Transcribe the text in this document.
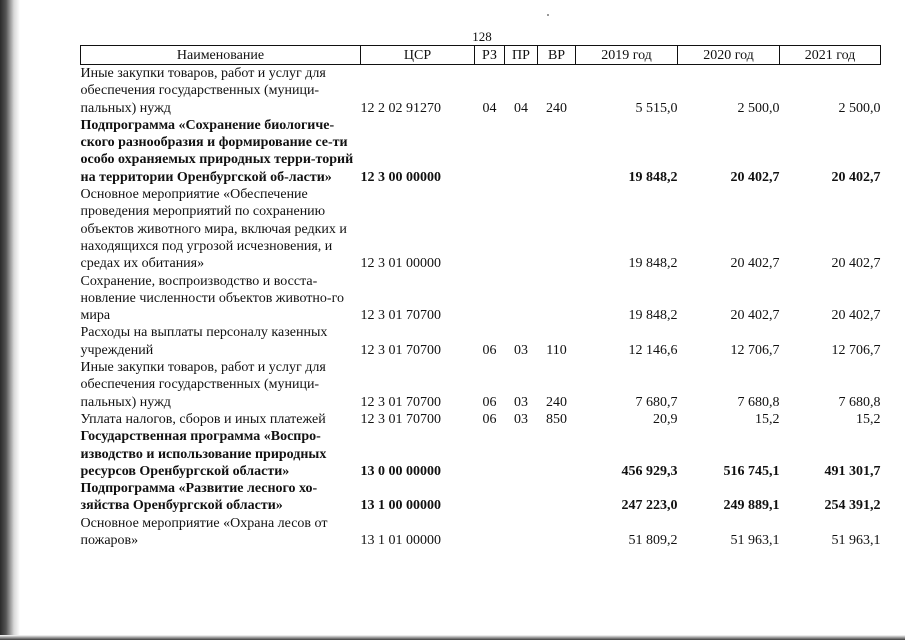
128
Наименование	ЦСР	РЗ	ПР	ВР	2019 год	2020 год	2021 год
Иные закупки товаров, работ и услуг для обеспечения государственных (муници-пальных) нужд	12 2 02 91270	04	04	240	5 515,0	2 500,0	2 500,0
Подпрограмма «Сохранение биологиче-ского разнообразия и формирование се-ти особо охраняемых природных терри-торий на территории Оренбургской об-ласти»	12 3 00 00000				19 848,2	20 402,7	20 402,7
Основное мероприятие «Обеспечение проведения мероприятий по сохранению объектов животного мира, включая редких и находящихся под угрозой исчезновения, и средах их обитания»	12 3 01 00000				19 848,2	20 402,7	20 402,7
Сохранение, воспроизводство и восста-новление численности объектов животно-го мира	12 3 01 70700				19 848,2	20 402,7	20 402,7
Расходы на выплаты персоналу казенных учреждений	12 3 01 70700	06	03	110	12 146,6	12 706,7	12 706,7
Иные закупки товаров, работ и услуг для обеспечения государственных (муници-пальных) нужд	12 3 01 70700	06	03	240	7 680,7	7 680,8	7 680,8
Уплата налогов, сборов и иных платежей	12 3 01 70700	06	03	850	20,9	15,2	15,2
Государственная программа «Воспро-изводство и использование природных ресурсов Оренбургской области»	13 0 00 00000				456 929,3	516 745,1	491 301,7
Подпрограмма «Развитие лесного хо-зяйства Оренбургской области»	13 1 00 00000				247 223,0	249 889,1	254 391,2
Основное мероприятие «Охрана лесов от пожаров»	13 1 01 00000				51 809,2	51 963,1	51 963,1
